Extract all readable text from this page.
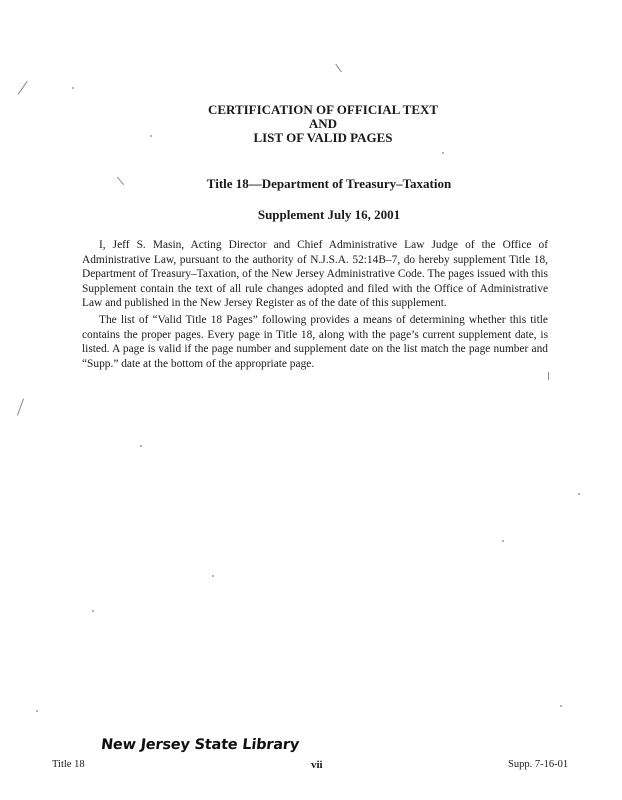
CERTIFICATION OF OFFICIAL TEXT
AND
LIST OF VALID PAGES
Title 18—Department of Treasury–Taxation
Supplement July 16, 2001

I, Jeff S. Masin, Acting Director and Chief Administrative Law Judge of the Office of Administrative Law, pursuant to the authority of N.J.S.A. 52:14B–7, do hereby supplement Title 18, Department of Treasury–Taxation, of the New Jersey Administrative Code. The pages issued with this Supplement contain the text of all rule changes adopted and filed with the Office of Administrative Law and published in the New Jersey Register as of the date of this supplement.

The list of “Valid Title 18 Pages” following provides a means of determining whether this title contains the proper pages. Every page in Title 18, along with the page’s current supplement date, is listed. A page is valid if the page number and supplement date on the list match the page number and “Supp.” date at the bottom of the appropriate page.

New Jersey State Library
Title 18	vii	Supp. 7-16-01
